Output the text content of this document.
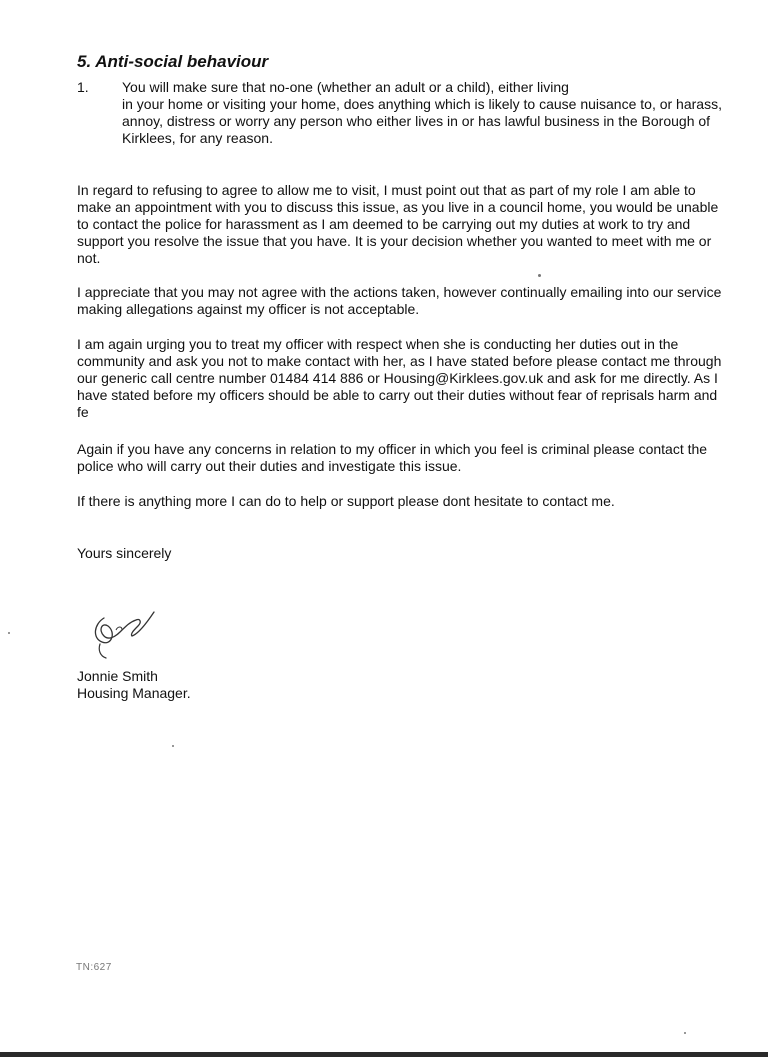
5. Anti-social behaviour
1. You will make sure that no-one (whether an adult or a child), either living
in your home or visiting your home, does anything which is likely to cause nuisance to, or harass, annoy, distress or worry any person who either lives in or has lawful business in the Borough of Kirklees, for any reason.

In regard to refusing to agree to allow me to visit, I must point out that as part of my role I am able to make an appointment with you to discuss this issue, as you live in a council home, you would be unable to contact the police for harassment as I am deemed to be carrying out my duties at work to try and support you resolve the issue that you have. It is your decision whether you wanted to meet with me or not.

I appreciate that you may not agree with the actions taken, however continually emailing into our service making allegations against my officer is not acceptable.

I am again urging you to treat my officer with respect when she is conducting her duties out in the community and ask you not to make contact with her, as I have stated before please contact me through our generic call centre number 01484 414 886 or Housing@Kirklees.gov.uk and ask for me directly. As I have stated before my officers should be able to carry out their duties without fear of reprisals harm and fe

Again if you have any concerns in relation to my officer in which you feel is criminal please contact the police who will carry out their duties and investigate this issue.

If there is anything more I can do to help or support please dont hesitate to contact me.

Yours sincerely
Jonnie Smith
Housing Manager.
TN:627
